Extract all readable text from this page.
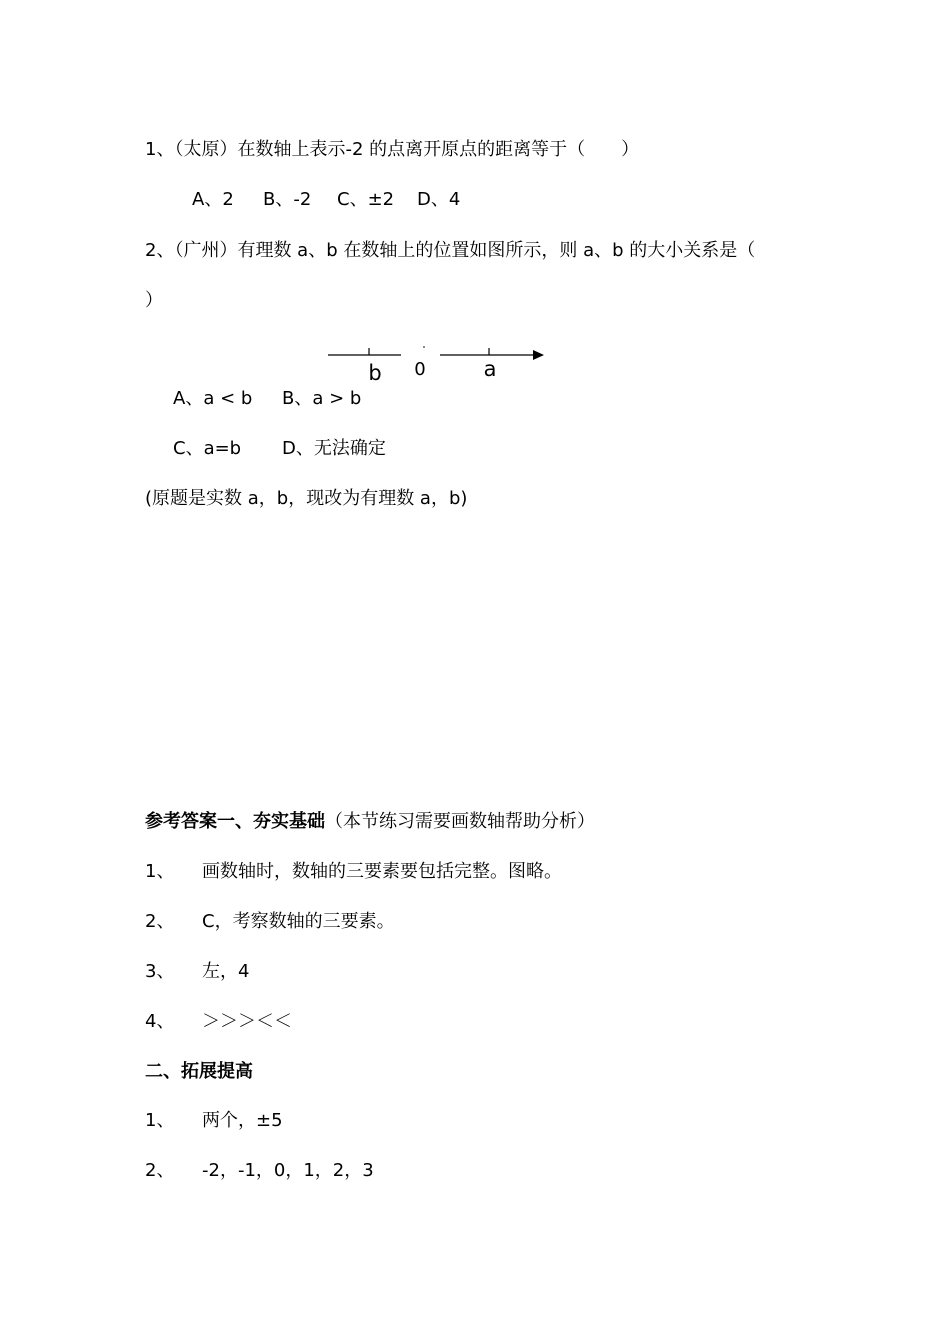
1、（太原）在数轴上表示-2 的点离开原点的距离等于（　　）
A、2 B、-2 C、±2 D、4
2、（广州）有理数 a、b 在数轴上的位置如图所示，则 a、b 的大小关系是（
）
b 0	a
A、a < b B、a > b
C、a=b D、无法确定
(原题是实数 a，b，现改为有理数 a，b)
参考答案一、夯实基础（本节练习需要画数轴帮助分析）
1、 画数轴时，数轴的三要素要包括完整。图略。
2、 C，考察数轴的三要素。
3、 左，4
4、 ＞＞＞＜＜
二、拓展提高
1、 两个，±5
2、 -2，-1，0，1，2，3
